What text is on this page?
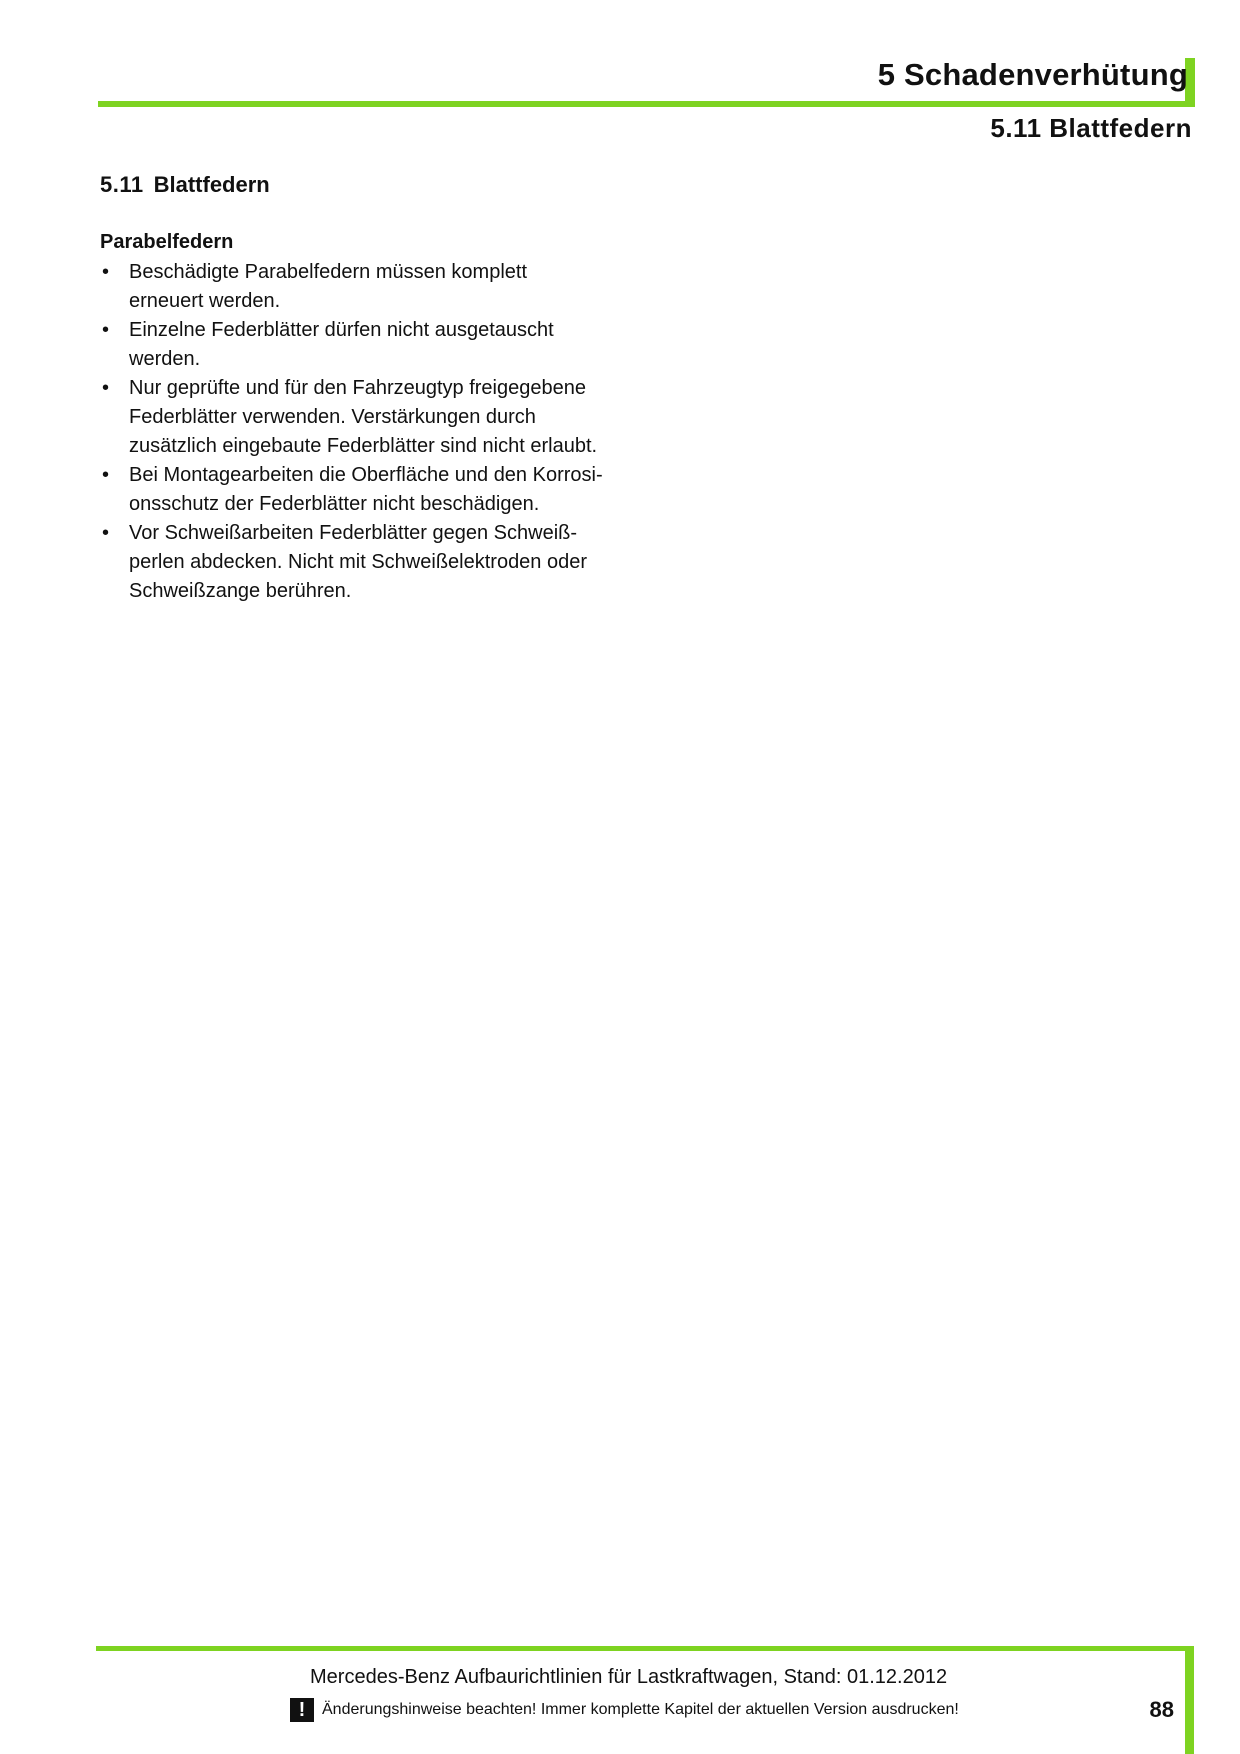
5 Schadenverhütung
5.11 Blattfedern
5.11 Blattfedern
Parabelfedern
• Beschädigte Parabelfedern müssen komplett
erneuert werden.
• Einzelne Federblätter dürfen nicht ausgetauscht
werden.
• Nur geprüfte und für den Fahrzeugtyp freigegebene
Federblätter verwenden. Verstärkungen durch
zusätzlich eingebaute Federblätter sind nicht erlaubt.
• Bei Montagearbeiten die Oberfläche und den Korrosi-
onsschutz der Federblätter nicht beschädigen.
• Vor Schweißarbeiten Federblätter gegen Schweiß-
perlen abdecken. Nicht mit Schweißelektroden oder
Schweißzange berühren.
Mercedes-Benz Aufbaurichtlinien für Lastkraftwagen, Stand: 01.12.2012
!	Änderungshinweise beachten! Immer komplette Kapitel der aktuellen Version ausdrucken!	88
